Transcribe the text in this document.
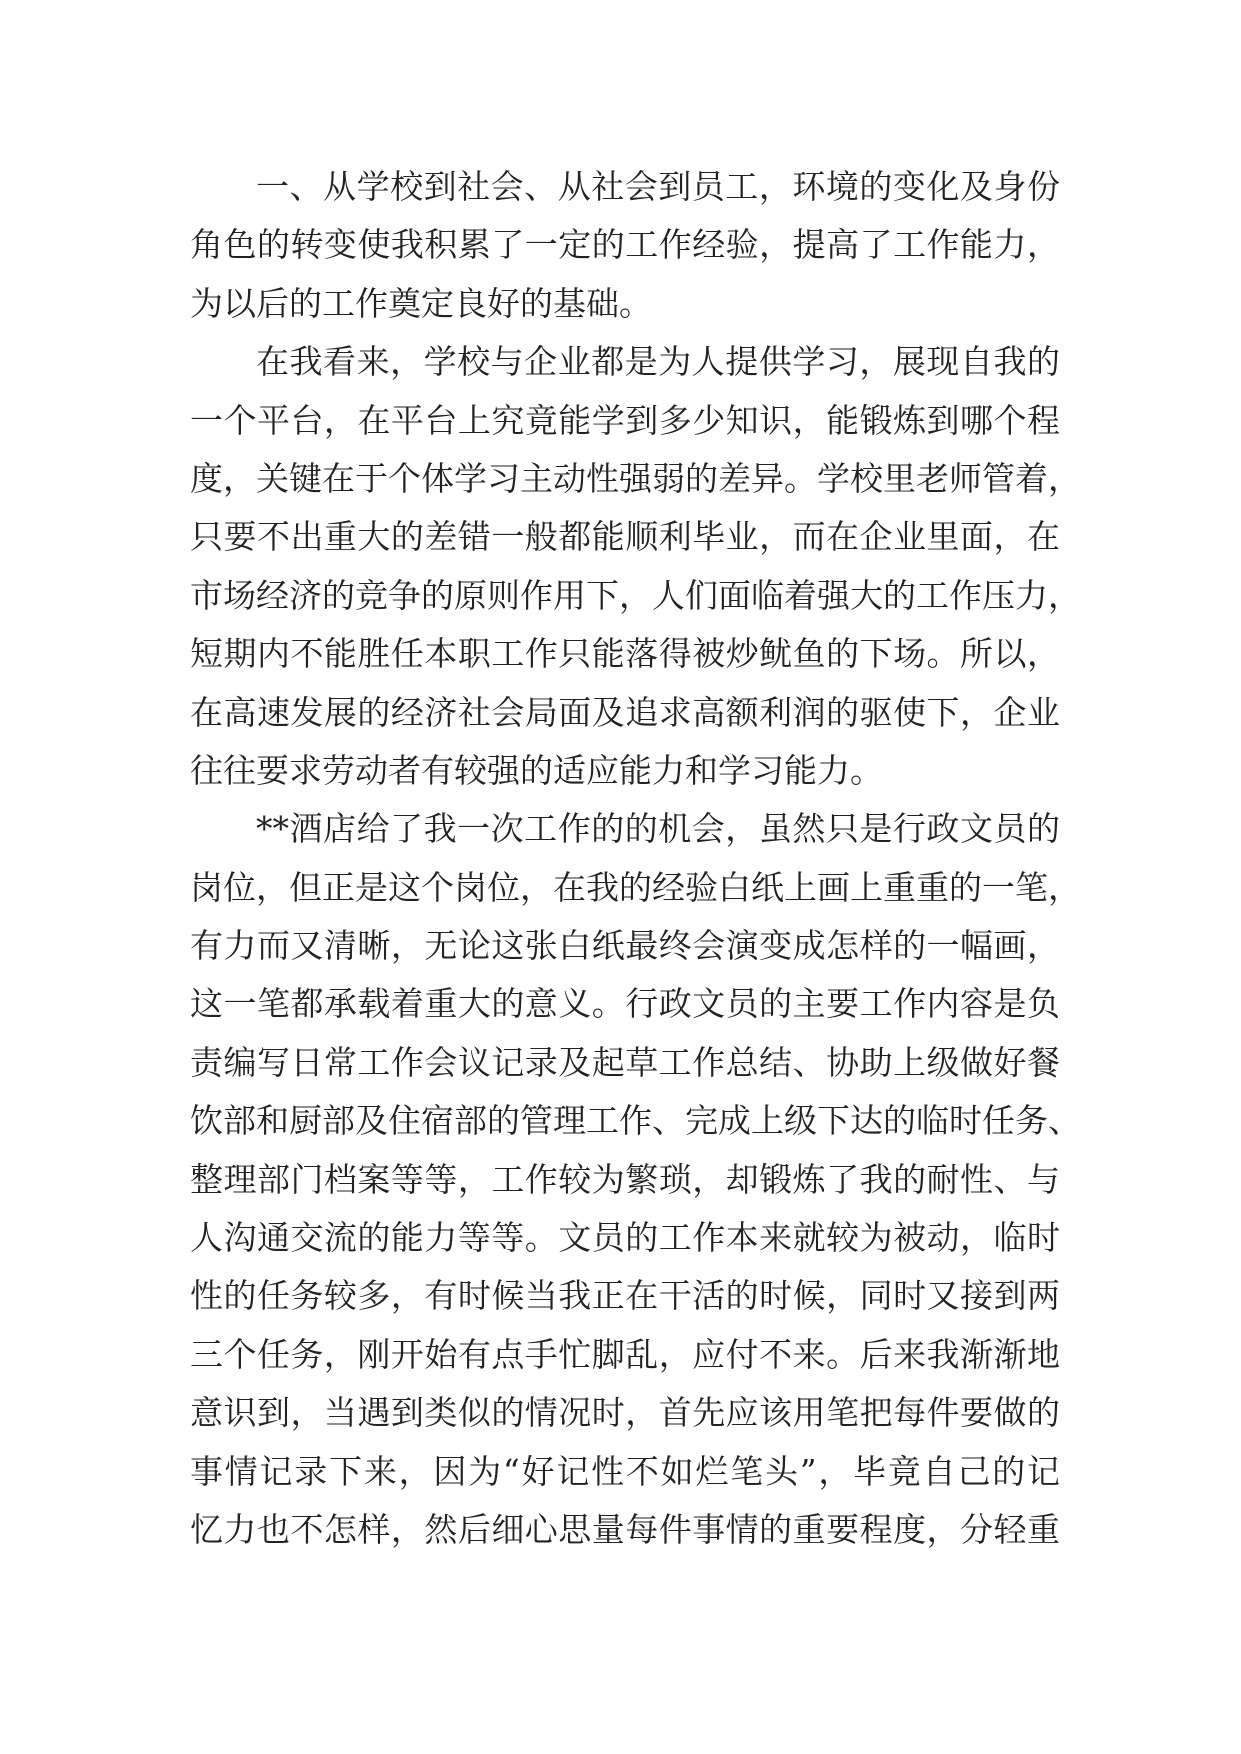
一、从学校到社会、从社会到员工，环境的变化及身份
角色的转变使我积累了一定的工作经验，提高了工作能力，
为以后的工作奠定良好的基础。
在我看来，学校与企业都是为人提供学习，展现自我的
一个平台，在平台上究竟能学到多少知识，能锻炼到哪个程
度，关键在于个体学习主动性强弱的差异。学校里老师管着，
只要不出重大的差错一般都能顺利毕业，而在企业里面，在
市场经济的竞争的原则作用下，人们面临着强大的工作压力，
短期内不能胜任本职工作只能落得被炒鱿鱼的下场。所以，
在高速发展的经济社会局面及追求高额利润的驱使下，企业
往往要求劳动者有较强的适应能力和学习能力。
**酒店给了我一次工作的的机会，虽然只是行政文员的
岗位，但正是这个岗位，在我的经验白纸上画上重重的一笔，
有力而又清晰，无论这张白纸最终会演变成怎样的一幅画，
这一笔都承载着重大的意义。行政文员的主要工作内容是负
责编写日常工作会议记录及起草工作总结、协助上级做好餐
饮部和厨部及住宿部的管理工作、完成上级下达的临时任务、
整理部门档案等等，工作较为繁琐，却锻炼了我的耐性、与
人沟通交流的能力等等。文员的工作本来就较为被动，临时
性的任务较多，有时候当我正在干活的时候，同时又接到两
三个任务，刚开始有点手忙脚乱，应付不来。后来我渐渐地
意识到，当遇到类似的情况时，首先应该用笔把每件要做的
事情记录下来，因为“好记性不如烂笔头”，毕竟自己的记
忆力也不怎样，然后细心思量每件事情的重要程度，分轻重
